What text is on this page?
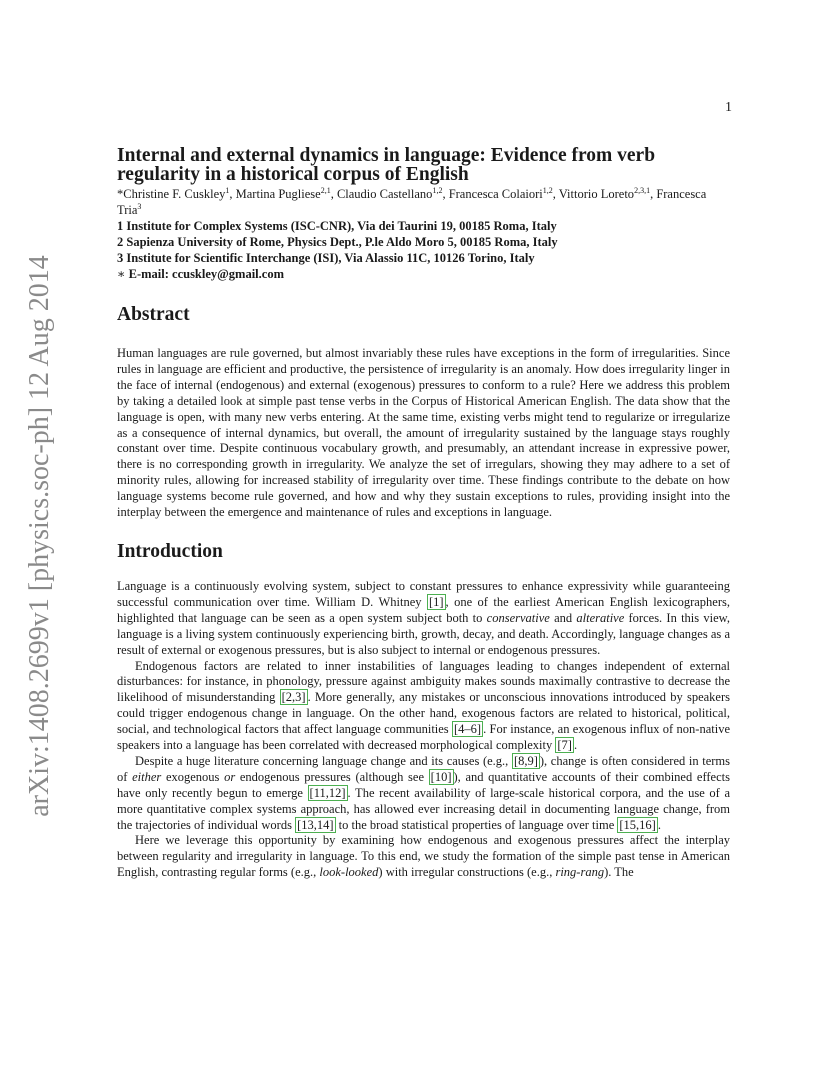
1
arXiv:1408.2699v1 [physics.soc-ph] 12 Aug 2014
Internal and external dynamics in language: Evidence from verb regularity in a historical corpus of English
*Christine F. Cuskley$^1$, Martina Pugliese$^{2,1}$, Claudio Castellano$^{1,2}$, Francesca Colaiori$^{1,2}$, Vittorio Loreto$^{2,3,1}$, Francesca Tria$^3$
1 Institute for Complex Systems (ISC-CNR), Via dei Taurini 19, 00185 Roma, Italy
2 Sapienza University of Rome, Physics Dept., P.le Aldo Moro 5, 00185 Roma, Italy
3 Institute for Scientific Interchange (ISI), Via Alassio 11C, 10126 Torino, Italy
∗ E-mail: ccuskley@gmail.com
Abstract

Human languages are rule governed, but almost invariably these rules have exceptions in the form of irregularities. Since rules in language are efficient and productive, the persistence of irregularity is an anomaly. How does irregularity linger in the face of internal (endogenous) and external (exogenous) pressures to conform to a rule? Here we address this problem by taking a detailed look at simple past tense verbs in the Corpus of Historical American English. The data show that the language is open, with many new verbs entering. At the same time, existing verbs might tend to regularize or irregularize as a consequence of internal dynamics, but overall, the amount of irregularity sustained by the language stays roughly constant over time. Despite continuous vocabulary growth, and presumably, an attendant increase in expressive power, there is no corresponding growth in irregularity. We analyze the set of irregulars, showing they may adhere to a set of minority rules, allowing for increased stability of irregularity over time. These findings contribute to the debate on how language systems become rule governed, and how and why they sustain exceptions to rules, providing insight into the interplay between the emergence and maintenance of rules and exceptions in language.

Introduction

Language is a continuously evolving system, subject to constant pressures to enhance expressivity while guaranteeing successful communication over time. William D. Whitney [1] , one of the earliest American English lexicographers, highlighted that language can be seen as a open system subject both to conservative and alterative forces. In this view, language is a living system continuously experiencing birth, growth, decay, and death. Accordingly, language changes as a result of external or exogenous pressures, but is also subject to internal or endogenous pressures.

Endogenous factors are related to inner instabilities of languages leading to changes independent of external disturbances: for instance, in phonology, pressure against ambiguity makes sounds maximally contrastive to decrease the likelihood of misunderstanding [2,3] . More generally, any mistakes or unconscious innovations introduced by speakers could trigger endogenous change in language. On the other hand, exogenous factors are related to historical, political, social, and technological factors that affect language communities [4–6] . For instance, an exogenous influx of non-native speakers into a language has been correlated with decreased morphological complexity [7] .

Despite a huge literature concerning language change and its causes (e.g., [8,9] ), change is often considered in terms of either exogenous or endogenous pressures (although see [10] ), and quantitative accounts of their combined effects have only recently begun to emerge [11,12] . The recent availability of large-scale historical corpora, and the use of a more quantitative complex systems approach, has allowed ever increasing detail in documenting language change, from the trajectories of individual words [13,14] to the broad statistical properties of language over time [15,16] .

Here we leverage this opportunity by examining how endogenous and exogenous pressures affect the interplay between regularity and irregularity in language. To this end, we study the formation of the simple past tense in American English, contrasting regular forms (e.g., look-looked) with irregular constructions (e.g., ring-rang). The
